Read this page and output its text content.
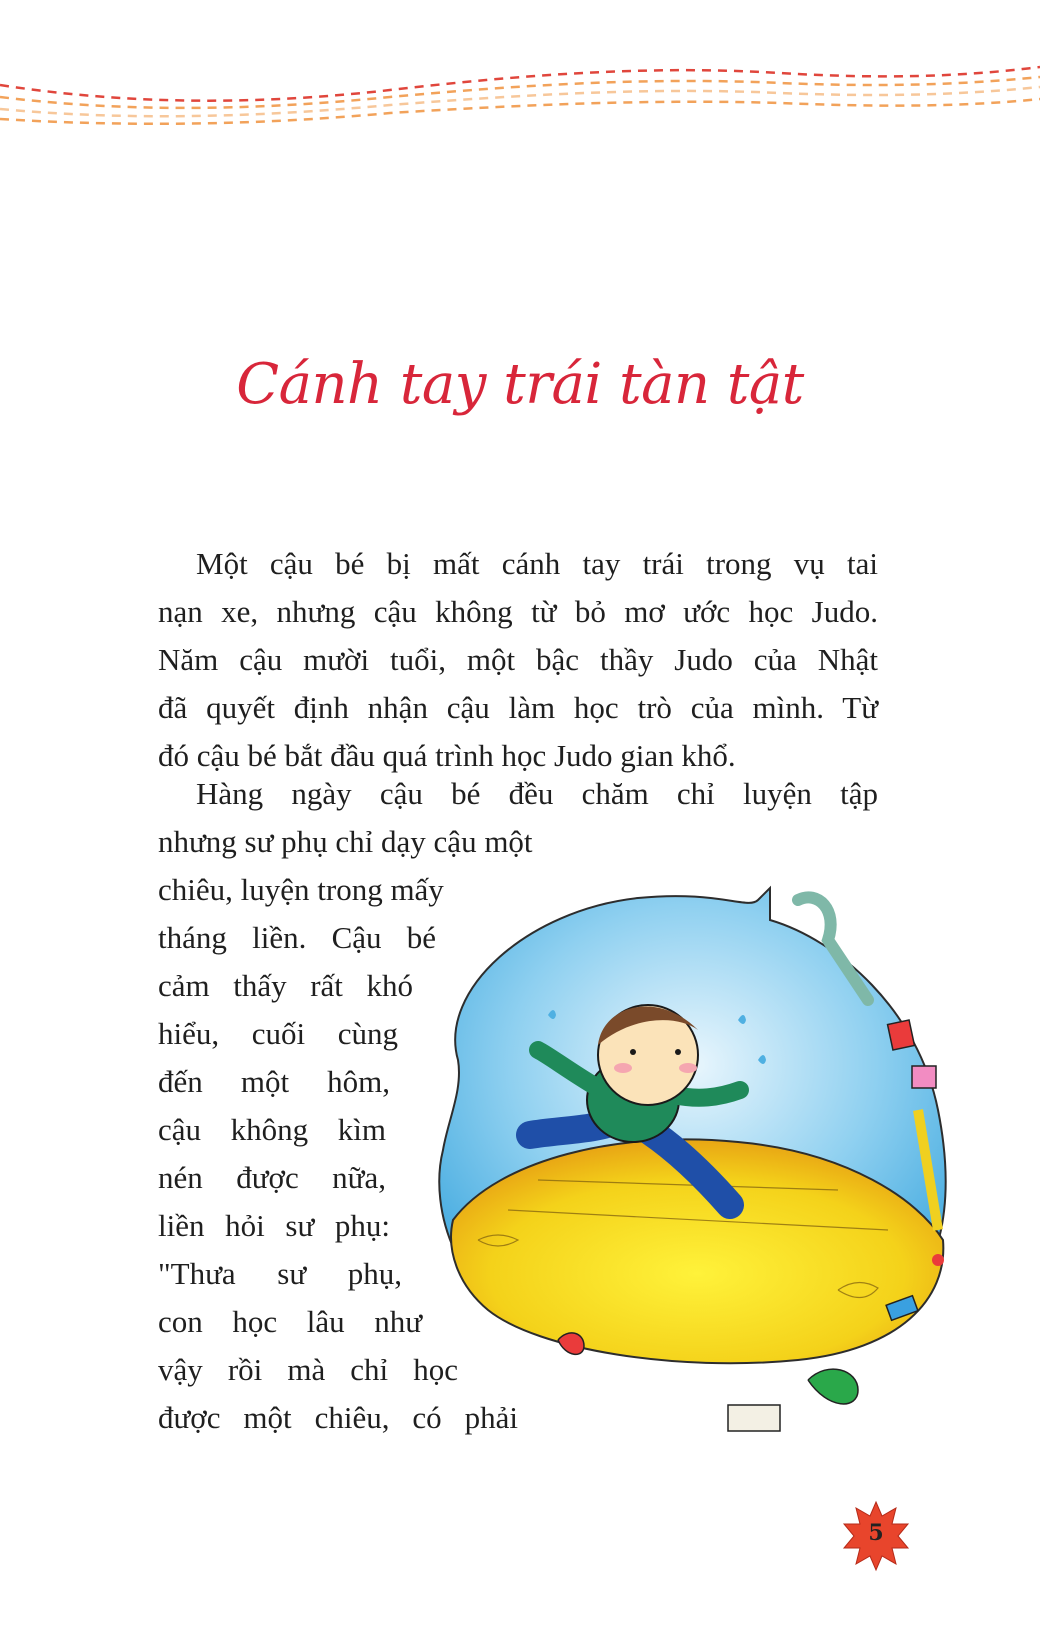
Cánh tay trái tàn tật
Một cậu bé bị mất cánh tay trái trong vụ tai
nạn xe, nhưng cậu không từ bỏ mơ ước học Judo.
Năm cậu mười tuổi, một bậc thầy Judo của Nhật
đã quyết định nhận cậu làm học trò của mình. Từ
đó cậu bé bắt đầu quá trình học Judo gian khổ.
Hàng ngày cậu bé đều chăm chỉ luyện tập
nhưng sư phụ chỉ dạy cậu một
chiêu, luyện trong mấy
tháng liền. Cậu bé
cảm thấy rất khó
hiểu, cuối cùng
đến một hôm,
cậu không kìm
nén được nữa,
liền hỏi sư phụ:
"Thưa sư phụ,
con học lâu như
vậy rồi mà chỉ học
được một chiêu, có phải
5
